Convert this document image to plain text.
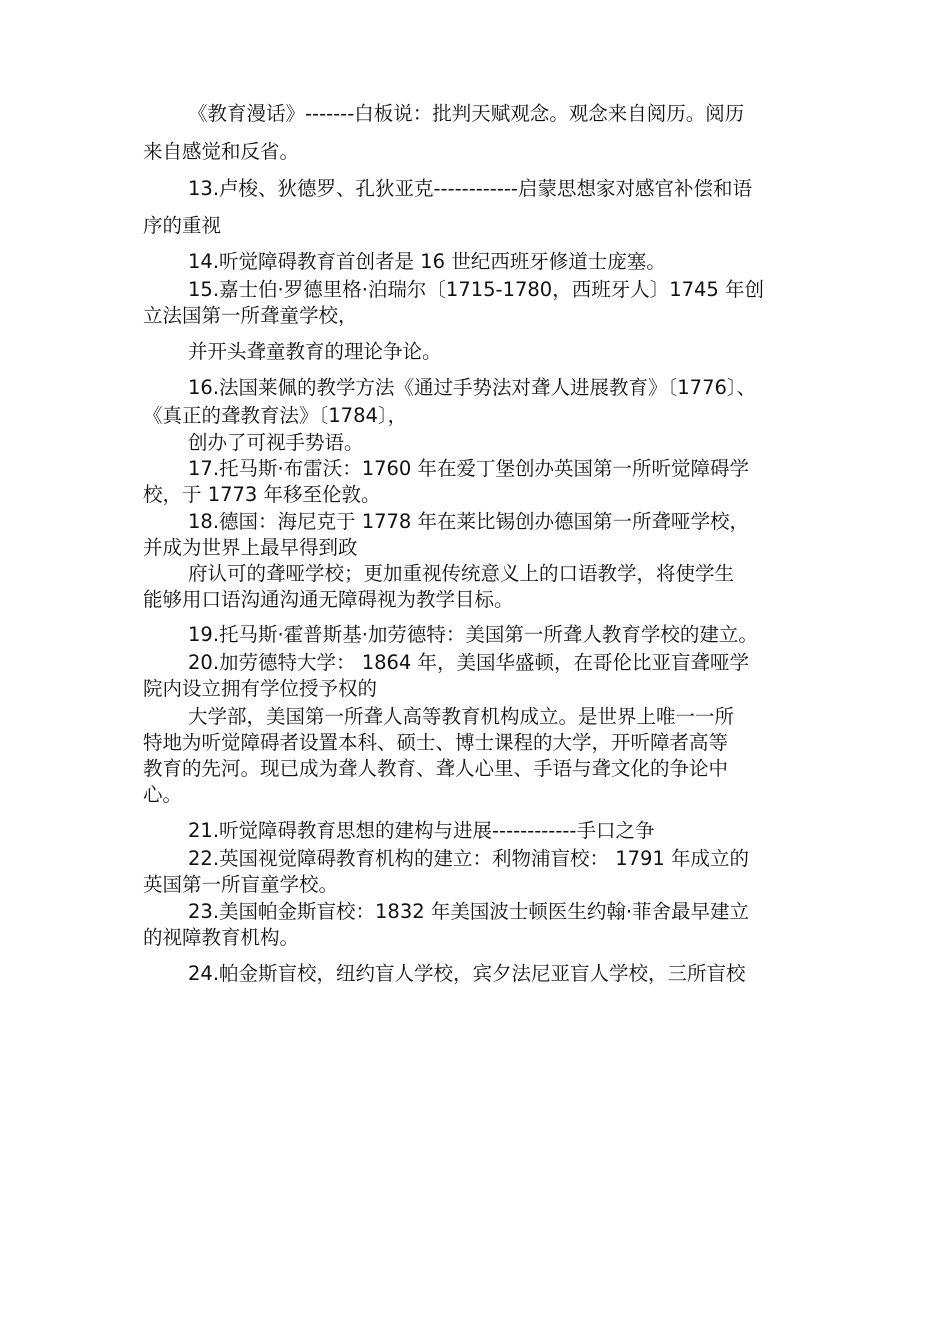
《教育漫话》-------白板说：批判天赋观念。观念来自阅历。阅历
来自感觉和反省。
13.卢梭、狄德罗、孔狄亚克------------启蒙思想家对感官补偿和语
序的重视
14.听觉障碍教育首创者是 16 世纪西班牙修道士庞塞。
15.嘉士伯·罗德里格·泊瑞尔〔1715-1780，西班牙人〕1745 年创
立法国第一所聋童学校，
并开头聋童教育的理论争论。
16.法国莱佩的教学方法《通过手势法对聋人进展教育》〔1776〕、
《真正的聋教育法》〔1784〕，
创办了可视手势语。
17.托马斯·布雷沃：1760 年在爱丁堡创办英国第一所听觉障碍学
校，于 1773 年移至伦敦。
18.德国：海尼克于 1778 年在莱比锡创办德国第一所聋哑学校，
并成为世界上最早得到政
府认可的聋哑学校；更加重视传统意义上的口语教学，将使学生
能够用口语沟通沟通无障碍视为教学目标。
19.托马斯·霍普斯基·加劳德特：美国第一所聋人教育学校的建立。
20.加劳德特大学： 1864 年，美国华盛顿，在哥伦比亚盲聋哑学
院内设立拥有学位授予权的
大学部，美国第一所聋人高等教育机构成立。是世界上唯一一所
特地为听觉障碍者设置本科、硕士、博士课程的大学，开听障者高等
教育的先河。现已成为聋人教育、聋人心里、手语与聋文化的争论中
心。
21.听觉障碍教育思想的建构与进展------------手口之争
22.英国视觉障碍教育机构的建立：利物浦盲校： 1791 年成立的
英国第一所盲童学校。
23.美国帕金斯盲校：1832 年美国波士顿医生约翰·菲舍最早建立
的视障教育机构。
24.帕金斯盲校，纽约盲人学校，宾夕法尼亚盲人学校，三所盲校
